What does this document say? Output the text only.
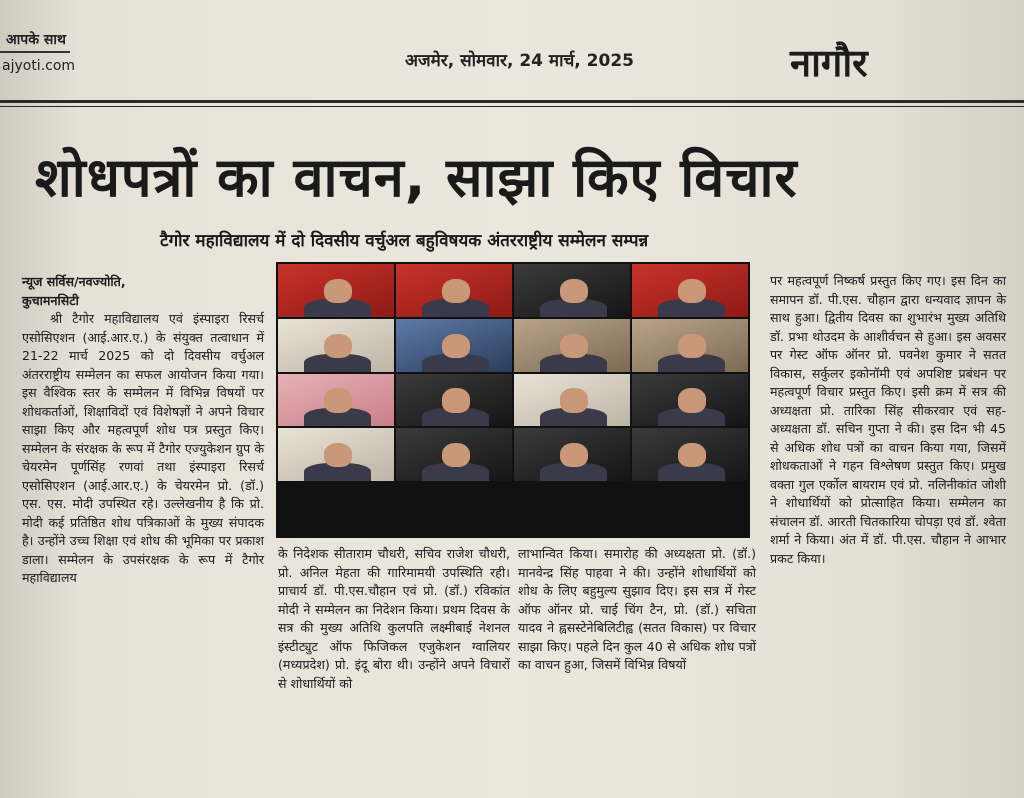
आपके साथ
ajyoti.com	अजमेर, सोमवार, 24 मार्च, 2025	नागौर
शोधपत्रों का वाचन, साझा किए विचार
टैगोर महाविद्यालय में दो दिवसीय वर्चुअल बहुविषयक अंतरराष्ट्रीय सम्मेलन सम्पन्न
न्यूज सर्विस/नवज्योति,
कुचामनसिटी
श्री टैगोर महाविद्यालय एवं इंस्पाइरा रिसर्च एसोसिएशन (आई.आर.ए.) के संयुक्त तत्वाधान में 21-22 मार्च 2025 को दो दिवसीय वर्चुअल अंतरराष्ट्रीय सम्मेलन का सफल आयोजन किया गया। इस वैश्विक स्तर के सम्मेलन में विभिन्न विषयों पर शोधकर्ताओं, शिक्षाविदों एवं विशेषज्ञों ने अपने विचार साझा किए और महत्वपूर्ण शोध पत्र प्रस्तुत किए। सम्मेलन के संरक्षक के रूप में टैगोर एज्युकेशन ग्रुप के चेयरमेन पूर्णसिंह रणवां तथा इंस्पाइरा रिसर्च एसोसिएशन (आई.आर.ए.) के चेयरमेन प्रो. (डॉ.) एस. एस. मोदी उपस्थित रहे। उल्लेखनीय है कि प्रो. मोदी कई प्रतिष्ठित शोध पत्रिकाओं के मुख्य संपादक है। उन्होंने उच्च शिक्षा एवं शोध की भूमिका पर प्रकाश डाला। सम्मेलन के उपसंरक्षक के रूप में टैगोर महाविद्यालय
के निदेशक सीताराम चौधरी, सचिव राजेश चौधरी, प्रो. अनिल मेहता की गारिमामयी उपस्थिति रही। प्राचार्य डॉ. पी.एस.चौहान एवं प्रो. (डॉ.) रविकांत मोदी ने सम्मेलन का निदेशन किया। प्रथम दिवस के सत्र की मुख्य अतिथि कुलपति लक्ष्मीबाई नेशनल इंस्टीट्युट ऑफ फिजिकल एजुकेशन ग्वालियर (मध्यप्रदेश) प्रो. इंदू बोरा थी। उन्होंने अपने विचारों से शोधार्थियों को
लाभान्वित किया। समारोह की अध्यक्षता प्रो. (डॉ.) मानवेन्द्र सिंह पाहवा ने की। उन्होंने शोधार्थियों को शोध के लिए बहुमुल्य सुझाव दिए। इस सत्र में गेस्ट ऑफ ऑनर प्रो. चाई चिंग टैन, प्रो. (डॉ.) सचिता यादव ने ह्वसस्टेनेबिलिटीह्व (सतत विकास) पर विचार साझा किए। पहले दिन कुल 40 से अधिक शोध पत्रों का वाचन हुआ, जिसमें विभिन्न विषयों
पर महत्वपूर्ण निष्कर्ष प्रस्तुत किए गए। इस दिन का समापन डॉ. पी.एस. चौहान द्वारा धन्यवाद ज्ञापन के साथ हुआ। द्वितीय दिवस का शुभारंभ मुख्य अतिथि डॉ. प्रभा थोउदम के आशीर्वचन से हुआ। इस अवसर पर गेस्ट ऑफ ऑनर प्रो. पवनेश कुमार ने सतत विकास, सर्कुलर इकोनॉमी एवं अपशिष्ट प्रबंधन पर महत्वपूर्ण विचार प्रस्तुत किए। इसी क्रम में सत्र की अध्यक्षता प्रो. तारिका सिंह सीकरवार एवं सह-अध्यक्षता डॉ. सचिन गुप्ता ने की। इस दिन भी 45 से अधिक शोध पत्रों का वाचन किया गया, जिसमें शोधकताओं ने गहन विश्लेषण प्रस्तुत किए। प्रमुख वक्ता गुल एर्कोल बायराम एवं प्रो. नलिनीकांत जोशी ने शोधार्थियों को प्रोत्साहित किया। सम्मेलन का संचालन डॉ. आरती चितकारिया चोपड़ा एवं डॉ. श्वेता शर्मा ने किया। अंत में डॉ. पी.एस. चौहान ने आभार प्रकट किया।
